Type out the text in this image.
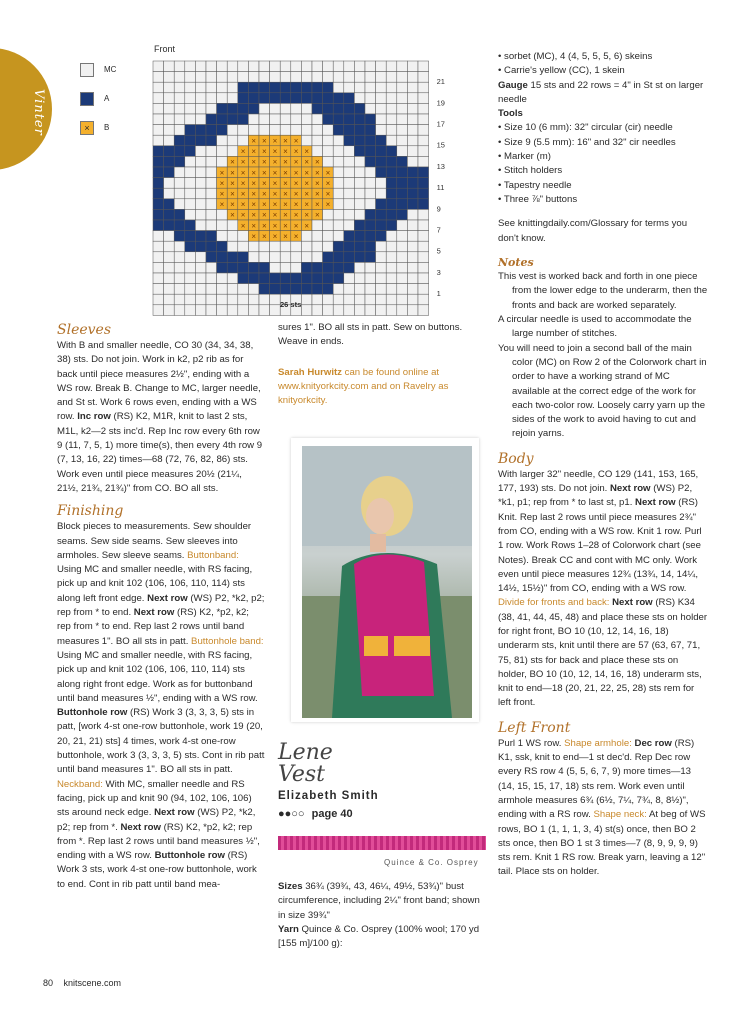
Vinter
MC
A
× B
Front
× × × × ×
× × × × × × ×
× × × × × × × × ×
× × × × × × × × × × ×
× × × × × × × × × × ×
× × × × × × × × × × ×
× × × × × × × × × × ×
× × × × × × × × ×
× × × × × × ×
× × × × ×
21
19
17
15
13
11
9
7
5
3
1
26 sts
Sleeves

With B and smaller needle, CO 30 (34, 34, 38, 38) sts. Do not join. Work in k2, p2 rib as for back until piece measures 2½", ending with a WS row. Break B. Change to MC, larger needle, and St st. Work 6 rows even, ending with a WS row. Inc row (RS) K2, M1R, knit to last 2 sts, M1L, k2—2 sts inc'd. Rep Inc row every 6th row 9 (11, 7, 5, 1) more time(s), then every 4th row 9 (7, 13, 16, 22) times—68 (72, 76, 82, 86) sts. Work even until piece measures 20½ (21¼, 21½, 21¾, 21¾)" from CO. BO all sts.

Finishing

Block pieces to measurements. Sew shoulder seams. Sew side seams. Sew sleeves into armholes. Sew sleeve seams. Buttonband: Using MC and smaller needle, with RS facing, pick up and knit 102 (106, 106, 110, 114) sts along left front edge. Next row (WS) P2, *k2, p2; rep from * to end. Next row (RS) K2, *p2, k2; rep from * to end. Rep last 2 rows until band measures 1". BO all sts in patt. Buttonhole band: Using MC and smaller needle, with RS facing, pick up and knit 102 (106, 106, 110, 114) sts along right front edge. Work as for buttonband until band measures ½", ending with a WS row. Buttonhole row (RS) Work 3 (3, 3, 3, 5) sts in patt, [work 4-st one-row buttonhole, work 19 (20, 20, 21, 21) sts] 4 times, work 4-st one-row buttonhole, work 3 (3, 3, 3, 5) sts. Cont in rib patt until band measures 1". BO all sts in patt. Neckband: With MC, smaller needle and RS facing, pick up and knit 90 (94, 102, 106, 106) sts around neck edge. Next row (WS) P2, *k2, p2; rep from *. Next row (RS) K2, *p2, k2; rep from *. Rep last 2 rows until band measures ½", ending with a WS row. Buttonhole row (RS) Work 3 sts, work 4-st one-row buttonhole, work to end. Cont in rib patt until band mea-

sures 1". BO all sts in patt. Sew on buttons. Weave in ends.

Sarah Hurwitz can be found online at www.knityorkcity.com and on Ravelry as knityorkcity.

Lene
Vest
Elizabeth Smith
●●○○ page 40
Quince & Co. Osprey

Sizes 36¾ (39¾, 43, 46¼, 49½, 53¾)" bust circumference, including 2¼" front band; shown in size 39¾"

Yarn Quince & Co. Osprey (100% wool; 170 yd [155 m]/100 g):

• sorbet (MC), 4 (4, 5, 5, 5, 6) skeins

• Carrie's yellow (CC), 1 skein

Gauge 15 sts and 22 rows = 4" in St st on larger needle

Tools

• Size 10 (6 mm): 32" circular (cir) needle

• Size 9 (5.5 mm): 16" and 32" cir needles

• Marker (m)

• Stitch holders

• Tapestry needle

• Three ⅞" buttons

See knittingdaily.com/Glossary for terms you don't know.

Notes

This vest is worked back and forth in one piece from the lower edge to the underarm, then the fronts and back are worked separately.

A circular needle is used to accommodate the large number of stitches.

You will need to join a second ball of the main color (MC) on Row 2 of the Colorwork chart in order to have a working strand of MC available at the correct edge of the work for each two-color row. Loosely carry yarn up the sides of the work to avoid having to cut and rejoin yarns.

Body

With larger 32" needle, CO 129 (141, 153, 165, 177, 193) sts. Do not join. Next row (WS) P2, *k1, p1; rep from * to last st, p1. Next row (RS) Knit. Rep last 2 rows until piece measures 2¾" from CO, ending with a WS row. Knit 1 row. Purl 1 row. Work Rows 1–28 of Colorwork chart (see Notes). Break CC and cont with MC only. Work even until piece measures 12¾ (13¾, 14, 14¼, 14½, 15½)" from CO, ending with a WS row. Divide for fronts and back: Next row (RS) K34 (38, 41, 44, 45, 48) and place these sts on holder for right front, BO 10 (10, 12, 14, 16, 18) underarm sts, knit until there are 57 (63, 67, 71, 75, 81) sts for back and place these sts on holder, BO 10 (10, 12, 14, 16, 18) underarm sts, knit to end—18 (20, 21, 22, 25, 28) sts rem for left front.

Left Front

Purl 1 WS row. Shape armhole: Dec row (RS) K1, ssk, knit to end—1 st dec'd. Rep Dec row every RS row 4 (5, 5, 6, 7, 9) more times—13 (14, 15, 15, 17, 18) sts rem. Work even until armhole measures 6¾ (6½, 7¼, 7¾, 8, 8½)", ending with a RS row. Shape neck: At beg of WS rows, BO 1 (1, 1, 1, 3, 4) st(s) once, then BO 2 sts once, then BO 1 st 3 times—7 (8, 9, 9, 9, 9) sts rem. Knit 1 RS row. Break yarn, leaving a 12" tail. Place sts on holder.

80 knitscene.com
